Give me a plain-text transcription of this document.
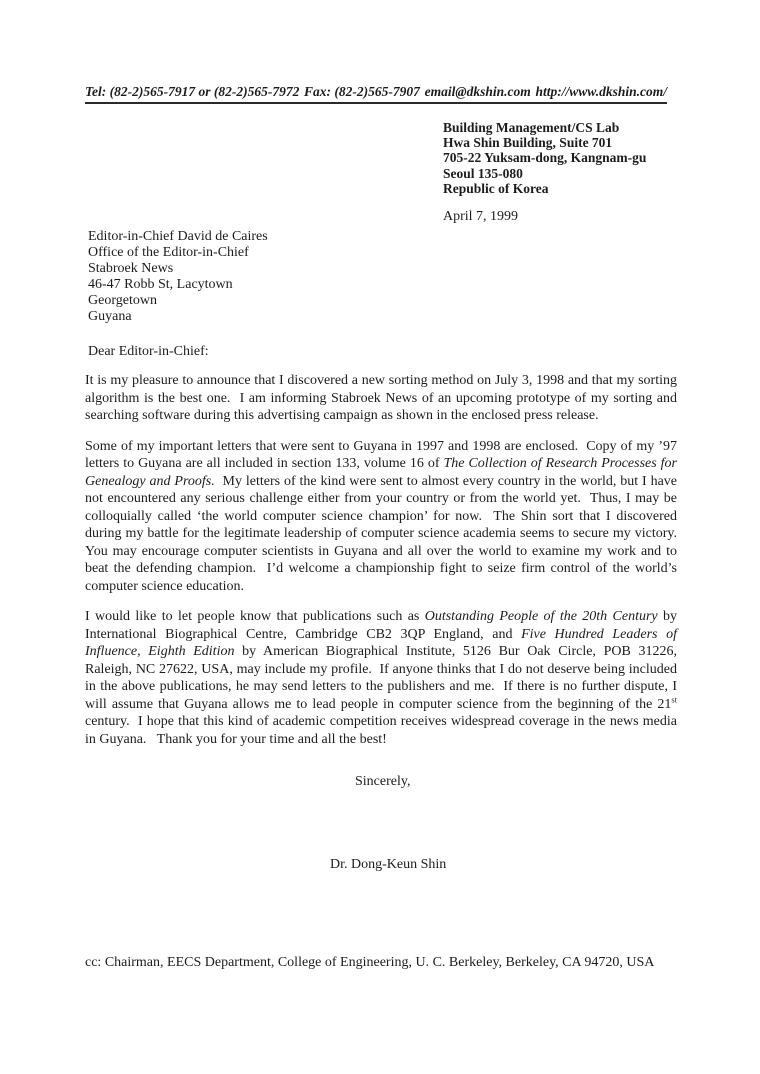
Tel: (82-2)565-7917 or (82-2)565-7972 Fax: (82-2)565-7907 email@dkshin.com http://www.dkshin.com/
Building Management/CS Lab
Hwa Shin Building, Suite 701
705-22 Yuksam-dong, Kangnam-gu
Seoul 135-080
Republic of Korea
April 7, 1999
Editor-in-Chief David de Caires
Office of the Editor-in-Chief
Stabroek News
46-47 Robb St, Lacytown
Georgetown
Guyana
Dear Editor-in-Chief:

It is my pleasure to announce that I discovered a new sorting method on July 3, 1998 and that my sorting algorithm is the best one.  I am informing Stabroek News of an upcoming prototype of my sorting and searching software during this advertising campaign as shown in the enclosed press release.

Some of my important letters that were sent to Guyana in 1997 and 1998 are enclosed.  Copy of my ’97 letters to Guyana are all included in section 133, volume 16 of The Collection of Research Processes for Genealogy and Proofs.  My letters of the kind were sent to almost every country in the world, but I have not encountered any serious challenge either from your country or from the world yet.  Thus, I may be colloquially called ‘the world computer science champion’ for now.  The Shin sort that I discovered during my battle for the legitimate leadership of computer science academia seems to secure my victory.  You may encourage computer scientists in Guyana and all over the world to examine my work and to beat the defending champion.  I’d welcome a championship fight to seize firm control of the world’s computer science education.

I would like to let people know that publications such as Outstanding People of the 20th Century by International Biographical Centre, Cambridge CB2 3QP England, and Five Hundred Leaders of Influence, Eighth Edition by American Biographical Institute, 5126 Bur Oak Circle, POB 31226, Raleigh, NC 27622, USA, may include my profile.  If anyone thinks that I do not deserve being included in the above publications, he may send letters to the publishers and me.  If there is no further dispute, I will assume that Guyana allows me to lead people in computer science from the beginning of the 21st century.  I hope that this kind of academic competition receives widespread coverage in the news media in Guyana.   Thank you for your time and all the best!

Sincerely,
Dr. Dong-Keun Shin
cc: Chairman, EECS Department, College of Engineering, U. C. Berkeley, Berkeley, CA 94720, USA
